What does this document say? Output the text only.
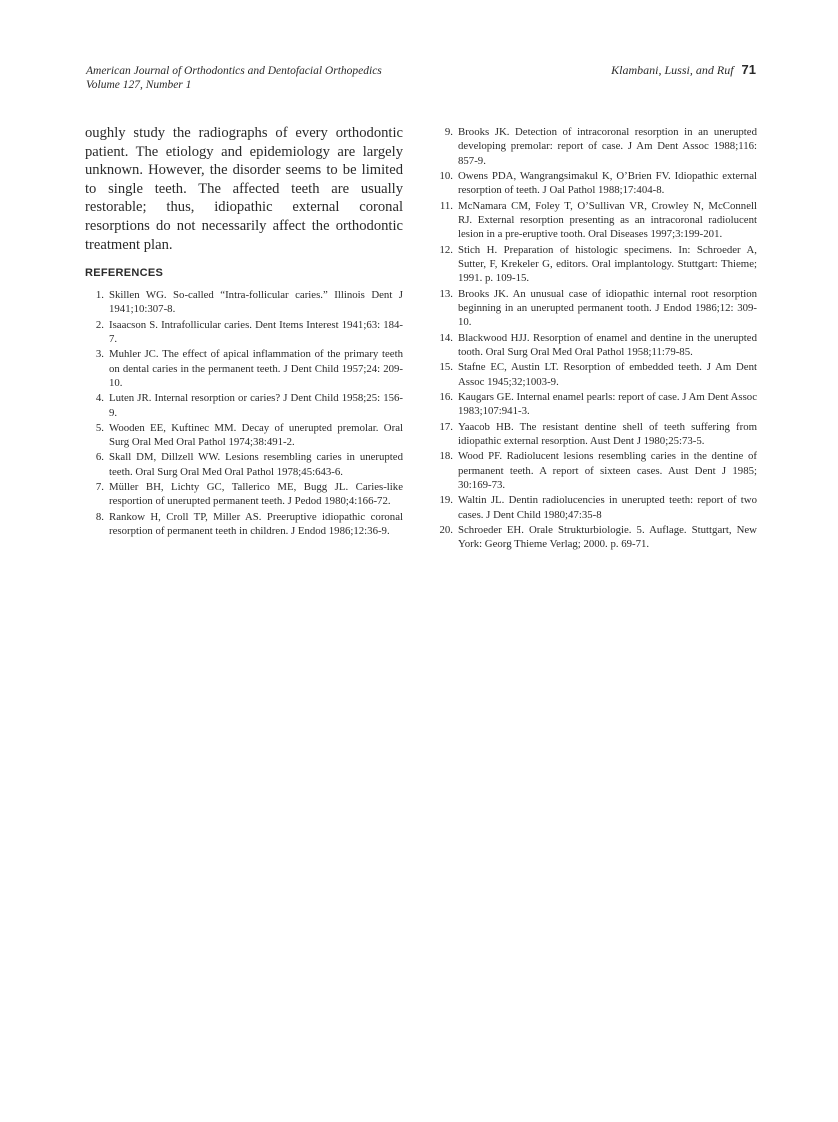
American Journal of Orthodontics and Dentofacial Orthopedics
Volume 127, Number 1
Klambani, Lussi, and Ruf 71

oughly study the radiographs of every orthodontic patient. The etiology and epidemiology are largely unknown. However, the disorder seems to be limited to single teeth. The affected teeth are usually restorable; thus, idiopathic external coronal resorptions do not necessarily affect the orthodontic treatment plan.

REFERENCES
1. Skillen WG. So-called “Intra-follicular caries.” Illinois Dent J 1941;10:307-8.
2. Isaacson S. Intrafollicular caries. Dent Items Interest 1941;63: 184-7.
3. Muhler JC. The effect of apical inflammation of the primary teeth on dental caries in the permanent teeth. J Dent Child 1957;24: 209-10.
4. Luten JR. Internal resorption or caries? J Dent Child 1958;25: 156-9.
5. Wooden EE, Kuftinec MM. Decay of unerupted premolar. Oral Surg Oral Med Oral Pathol 1974;38:491-2.
6. Skall DM, Dillzell WW. Lesions resembling caries in unerupted teeth. Oral Surg Oral Med Oral Pathol 1978;45:643-6.
7. Müller BH, Lichty GC, Tallerico ME, Bugg JL. Caries-like resportion of unerupted permanent teeth. J Pedod 1980;4:166-72.
8. Rankow H, Croll TP, Miller AS. Preeruptive idiopathic coronal resorption of permanent teeth in children. J Endod 1986;12:36-9.
9. Brooks JK. Detection of intracoronal resorption in an unerupted developing premolar: report of case. J Am Dent Assoc 1988;116: 857-9.
10. Owens PDA, Wangrangsimakul K, O’Brien FV. Idiopathic external resorption of teeth. J Oal Pathol 1988;17:404-8.
11. McNamara CM, Foley T, O’Sullivan VR, Crowley N, McConnell RJ. External resorption presenting as an intracoronal radiolucent lesion in a pre-eruptive tooth. Oral Diseases 1997;3:199-201.
12. Stich H. Preparation of histologic specimens. In: Schroeder A, Sutter, F, Krekeler G, editors. Oral implantology. Stuttgart: Thieme; 1991. p. 109-15.
13. Brooks JK. An unusual case of idiopathic internal root resorption beginning in an unerupted permanent tooth. J Endod 1986;12: 309-10.
14. Blackwood HJJ. Resorption of enamel and dentine in the unerupted tooth. Oral Surg Oral Med Oral Pathol 1958;11:79-85.
15. Stafne EC, Austin LT. Resorption of embedded teeth. J Am Dent Assoc 1945;32;1003-9.
16. Kaugars GE. Internal enamel pearls: report of case. J Am Dent Assoc 1983;107:941-3.
17. Yaacob HB. The resistant dentine shell of teeth suffering from idiopathic external resorption. Aust Dent J 1980;25:73-5.
18. Wood PF. Radiolucent lesions resembling caries in the dentine of permanent teeth. A report of sixteen cases. Aust Dent J 1985; 30:169-73.
19. Waltin JL. Dentin radiolucencies in unerupted teeth: report of two cases. J Dent Child 1980;47:35-8
20. Schroeder EH. Orale Strukturbiologie. 5. Auflage. Stuttgart, New York: Georg Thieme Verlag; 2000. p. 69-71.
